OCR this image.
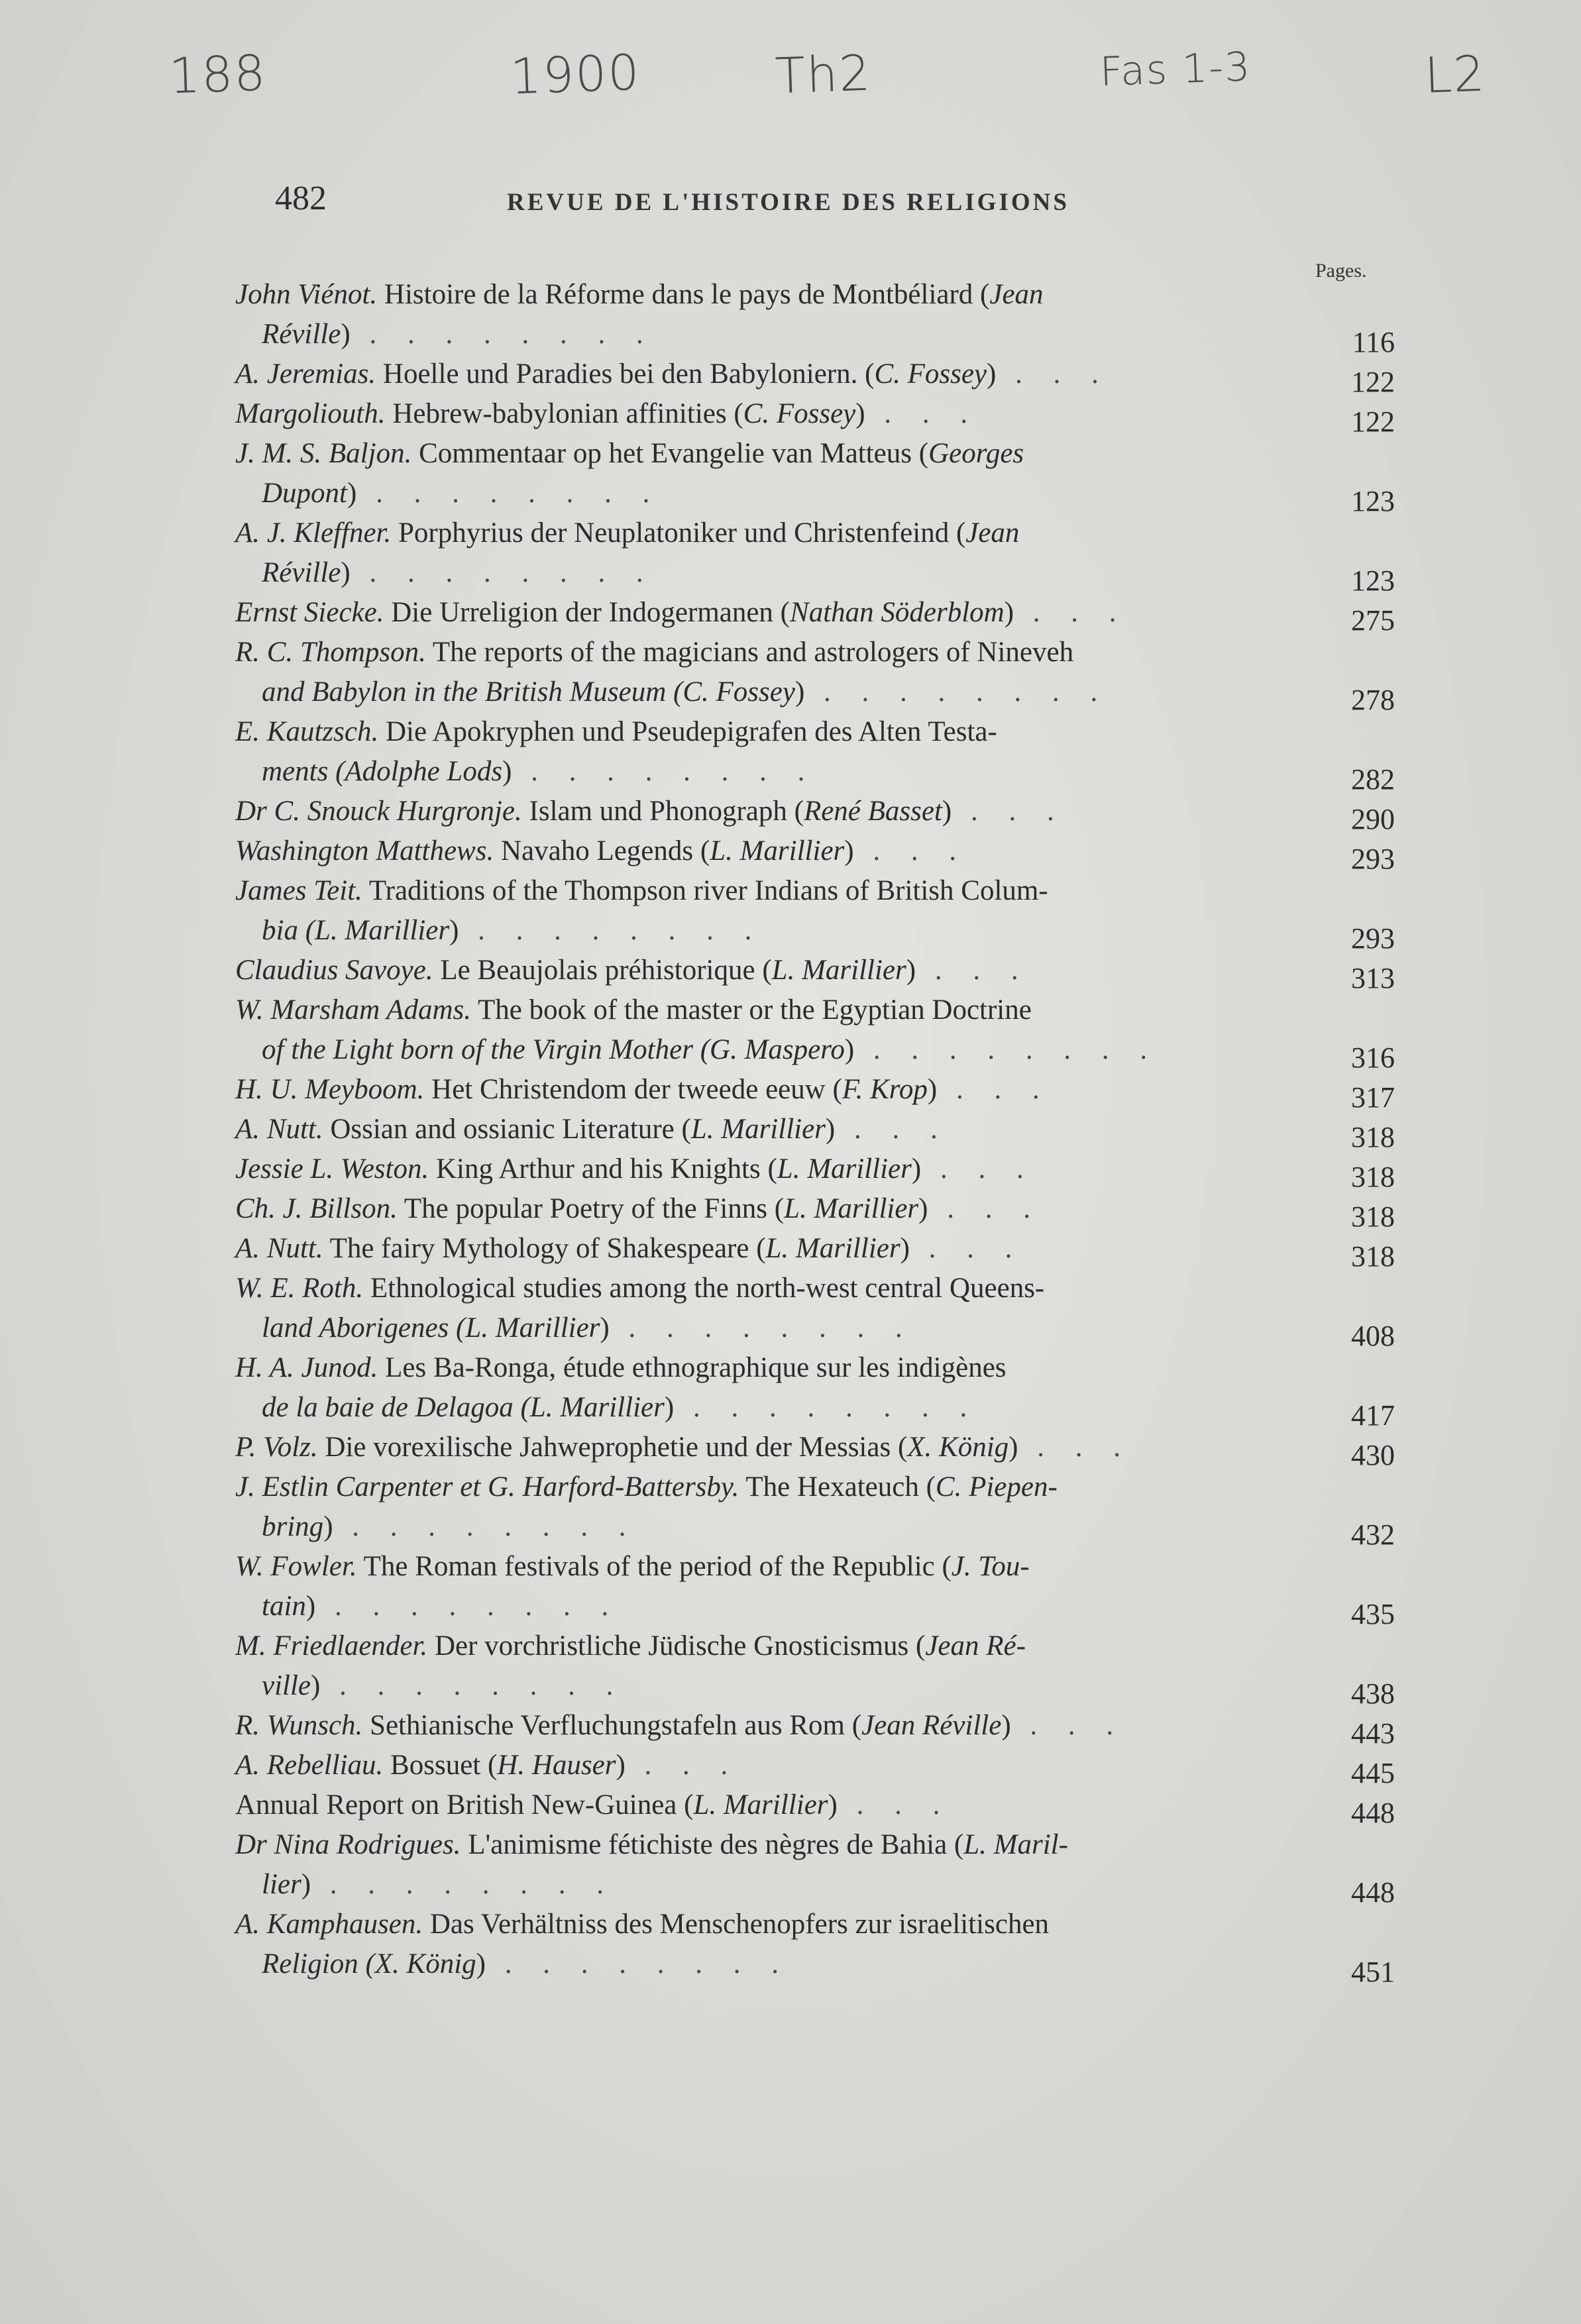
188	1900	Th2	Fas 1-3	L2
482	REVUE DE L'HISTOIRE DES RELIGIONS
Pages.
John Viénot. Histoire de la Réforme dans le pays de Montbéliard (Jean
Réville) . . . . . . . .	116
A. Jeremias. Hoelle und Paradies bei den Babyloniern. (C. Fossey) . . .	122
Margoliouth. Hebrew-babylonian affinities (C. Fossey) . . .	122
J. M. S. Baljon. Commentaar op het Evangelie van Matteus (Georges
Dupont) . . . . . . . .	123
A. J. Kleffner. Porphyrius der Neuplatoniker und Christenfeind (Jean
Réville) . . . . . . . .	123
Ernst Siecke. Die Urreligion der Indogermanen (Nathan Söderblom) . . .	275
R. C. Thompson. The reports of the magicians and astrologers of Nineveh
and Babylon in the British Museum (C. Fossey) . . . . . . . .	278
E. Kautzsch. Die Apokryphen und Pseudepigrafen des Alten Testa-
ments (Adolphe Lods) . . . . . . . .	282
Dr C. Snouck Hurgronje. Islam und Phonograph (René Basset) . . .	290
Washington Matthews. Navaho Legends (L. Marillier) . . .	293
James Teit. Traditions of the Thompson river Indians of British Colum-
bia (L. Marillier) . . . . . . . .	293
Claudius Savoye. Le Beaujolais préhistorique (L. Marillier) . . .	313
W. Marsham Adams. The book of the master or the Egyptian Doctrine
of the Light born of the Virgin Mother (G. Maspero) . . . . . . . .	316
H. U. Meyboom. Het Christendom der tweede eeuw (F. Krop) . . .	317
A. Nutt. Ossian and ossianic Literature (L. Marillier) . . .	318
Jessie L. Weston. King Arthur and his Knights (L. Marillier) . . .	318
Ch. J. Billson. The popular Poetry of the Finns (L. Marillier) . . .	318
A. Nutt. The fairy Mythology of Shakespeare (L. Marillier) . . .	318
W. E. Roth. Ethnological studies among the north-west central Queens-
land Aborigenes (L. Marillier) . . . . . . . .	408
H. A. Junod. Les Ba-Ronga, étude ethnographique sur les indigènes
de la baie de Delagoa (L. Marillier) . . . . . . . .	417
P. Volz. Die vorexilische Jahweprophetie und der Messias (X. König) . . .	430
J. Estlin Carpenter et G. Harford-Battersby. The Hexateuch (C. Piepen-
bring) . . . . . . . .	432
W. Fowler. The Roman festivals of the period of the Republic (J. Tou-
tain) . . . . . . . .	435
M. Friedlaender. Der vorchristliche Jüdische Gnosticismus (Jean Ré-
ville) . . . . . . . .	438
R. Wunsch. Sethianische Verfluchungstafeln aus Rom (Jean Réville) . . .	443
A. Rebelliau. Bossuet (H. Hauser) . . .	445
Annual Report on British New-Guinea (L. Marillier) . . .	448
Dr Nina Rodrigues. L'animisme fétichiste des nègres de Bahia (L. Maril-
lier) . . . . . . . .	448
A. Kamphausen. Das Verhältniss des Menschenopfers zur israelitischen
Religion (X. König) . . . . . . . .	451
